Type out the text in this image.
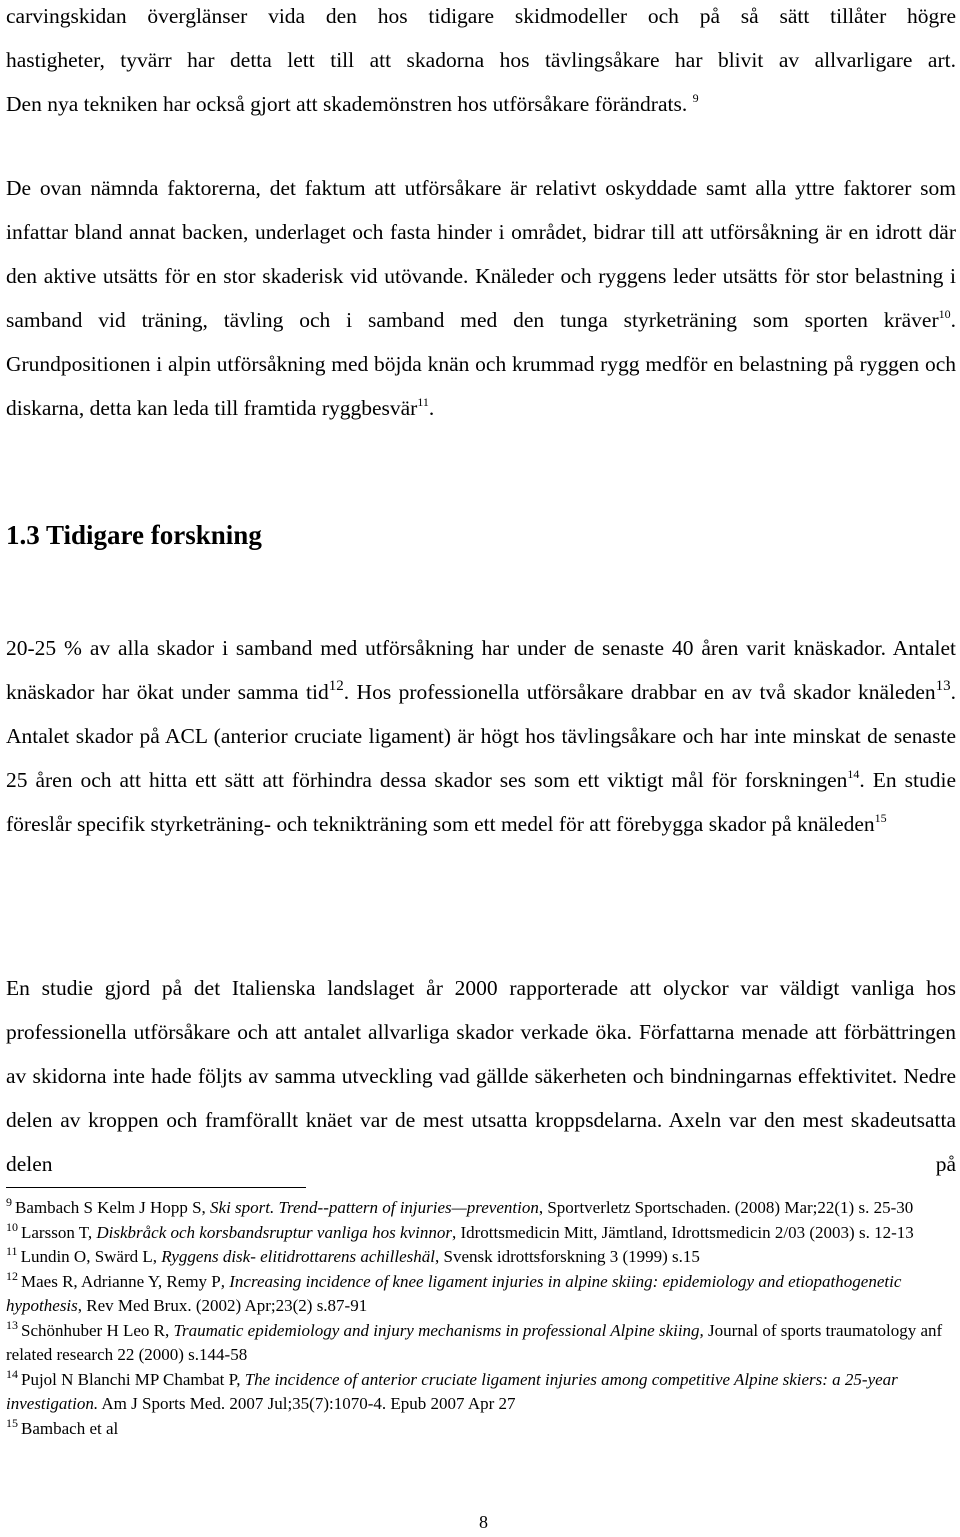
carvingskidan överglänser vida den hos tidigare skidmodeller och på så sätt tillåter högre

hastigheter, tyvärr har detta lett till att skadorna hos tävlingsåkare har blivit av allvarligare art.

Den nya tekniken har också gjort att skademönstren hos utförsåkare förändrats. $^9$

De ovan nämnda faktorerna, det faktum att utförsåkare är relativt oskyddade samt alla yttre faktorer som infattar bland annat backen, underlaget och fasta hinder i området, bidrar till att utförsåkning är en idrott där den aktive utsätts för en stor skaderisk vid utövande. Knäleder och ryggens leder utsätts för stor belastning i samband vid träning, tävling och i samband med den tunga styrketräning som sporten kräver$^{10}$. Grundpositionen i alpin utförsåkning med böjda knän och krummad rygg medför en belastning på ryggen och diskarna, detta kan leda till framtida ryggbesvär$^{11}$.

1.3 Tidigare forskning

20-25 % av alla skador i samband med utförsåkning har under de senaste 40 åren varit knäskador. Antalet knäskador har ökat under samma tid$^{12}$. Hos professionella utförsåkare drabbar en av två skador knäleden$^{13}$. Antalet skador på ACL (anterior cruciate ligament) är högt hos tävlingsåkare och har inte minskat de senaste 25 åren och att hitta ett sätt att förhindra dessa skador ses som ett viktigt mål för forskningen$^{14}$. En studie föreslår specifik styrketräning- och teknikträning som ett medel för att förebygga skador på knäleden$^{15}$

En studie gjord på det Italienska landslaget år 2000 rapporterade att olyckor var väldigt vanliga hos professionella utförsåkare och att antalet allvarliga skador verkade öka. Författarna menade att förbättringen av skidorna inte hade följts av samma utveckling vad gällde säkerheten och bindningarnas effektivitet. Nedre delen av kroppen och framförallt knäet var de mest utsatta kroppsdelarna. Axeln var den mest skadeutsatta delen på

$^9$ Bambach S Kelm J Hopp S, Ski sport. Trend--pattern of injuries—prevention, Sportverletz Sportschaden. (2008) Mar;22(1) s. 25-30

$^{10}$ Larsson T, Diskbråck och korsbandsruptur vanliga hos kvinnor, Idrottsmedicin Mitt, Jämtland, Idrottsmedicin 2/03 (2003) s. 12-13

$^{11}$ Lundin O, Swärd L, Ryggens disk- elitidrottarens achilleshäl, Svensk idrottsforskning 3 (1999) s.15

$^{12}$ Maes R, Adrianne Y, Remy P, Increasing incidence of knee ligament injuries in alpine skiing: epidemiology and etiopathogenetic hypothesis, Rev Med Brux. (2002) Apr;23(2) s.87-91

$^{13}$ Schönhuber H Leo R, Traumatic epidemiology and injury mechanisms in professional Alpine skiing, Journal of sports traumatology anf related research 22 (2000) s.144-58

$^{14}$ Pujol N Blanchi MP Chambat P, The incidence of anterior cruciate ligament injuries among competitive Alpine skiers: a 25-year investigation. Am J Sports Med. 2007 Jul;35(7):1070-4. Epub 2007 Apr 27

$^{15}$ Bambach et al

8
